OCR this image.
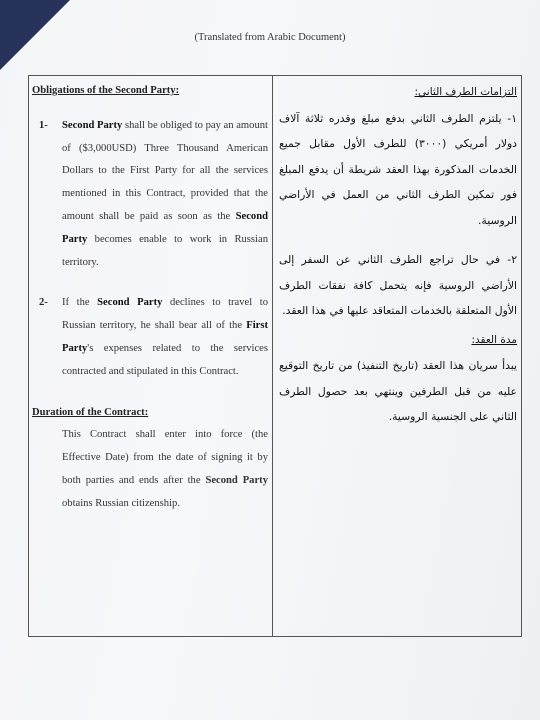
(Translated from Arabic Document)
Obligations of the Second Party:
1- Second Party shall be obliged to pay an amount of ($3,000USD) Three Thousand American Dollars to the First Party for all the services mentioned in this Contract, provided that the amount shall be paid as soon as the Second Party becomes enable to work in Russian territory.
2- If the Second Party declines to travel to Russian territory, he shall bear all of the First Party's expenses related to the services contracted and stipulated in this Contract.
Duration of the Contract:
This Contract shall enter into force (the Effective Date) from the date of signing it by both parties and ends after the Second Party obtains Russian citizenship.
التزامات الطرف الثاني:
١- يلتزم الطرف الثاني بدفع مبلغ وقدره ثلاثة آلاف دولار أمريكي (٣٠٠٠) للطرف الأول مقابل جميع الخدمات المذكورة بهذا العقد شريطة أن يدفع المبلغ فور تمكين الطرف الثاني من العمل في الأراضي الروسية.
٢- في حال تراجع الطرف الثاني عن السفر إلى الأراضي الروسية فإنه يتحمل كافة نفقات الطرف الأول المتعلقة بالخدمات المتعاقد عليها في هذا العقد.
مدة العقد:
يبدأ سريان هذا العقد (تاريخ التنفيذ) من تاريخ التوقيع عليه من قبل الطرفين وينتهي بعد حصول الطرف الثاني على الجنسية الروسية.
